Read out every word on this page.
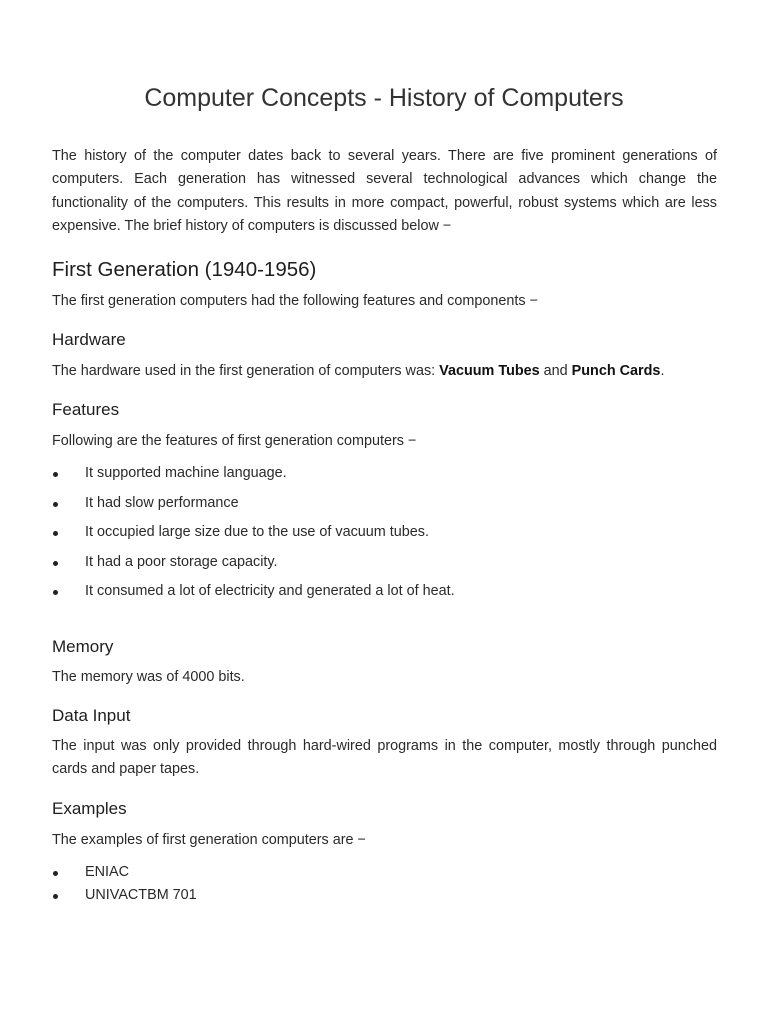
Computer Concepts - History of Computers

The history of the computer dates back to several years. There are five prominent generations of computers. Each generation has witnessed several technological advances which change the functionality of the computers. This results in more compact, powerful, robust systems which are less expensive. The brief history of computers is discussed below −

First Generation (1940-1956)

The first generation computers had the following features and components −

Hardware

The hardware used in the first generation of computers was: Vacuum Tubes and Punch Cards.

Features

Following are the features of first generation computers −

It supported machine language.
It had slow performance
It occupied large size due to the use of vacuum tubes.
It had a poor storage capacity.
It consumed a lot of electricity and generated a lot of heat.
Memory

The memory was of 4000 bits.

Data Input

The input was only provided through hard-wired programs in the computer, mostly through punched cards and paper tapes.

Examples

The examples of first generation computers are −

ENIAC
UNIVACTBM 701
